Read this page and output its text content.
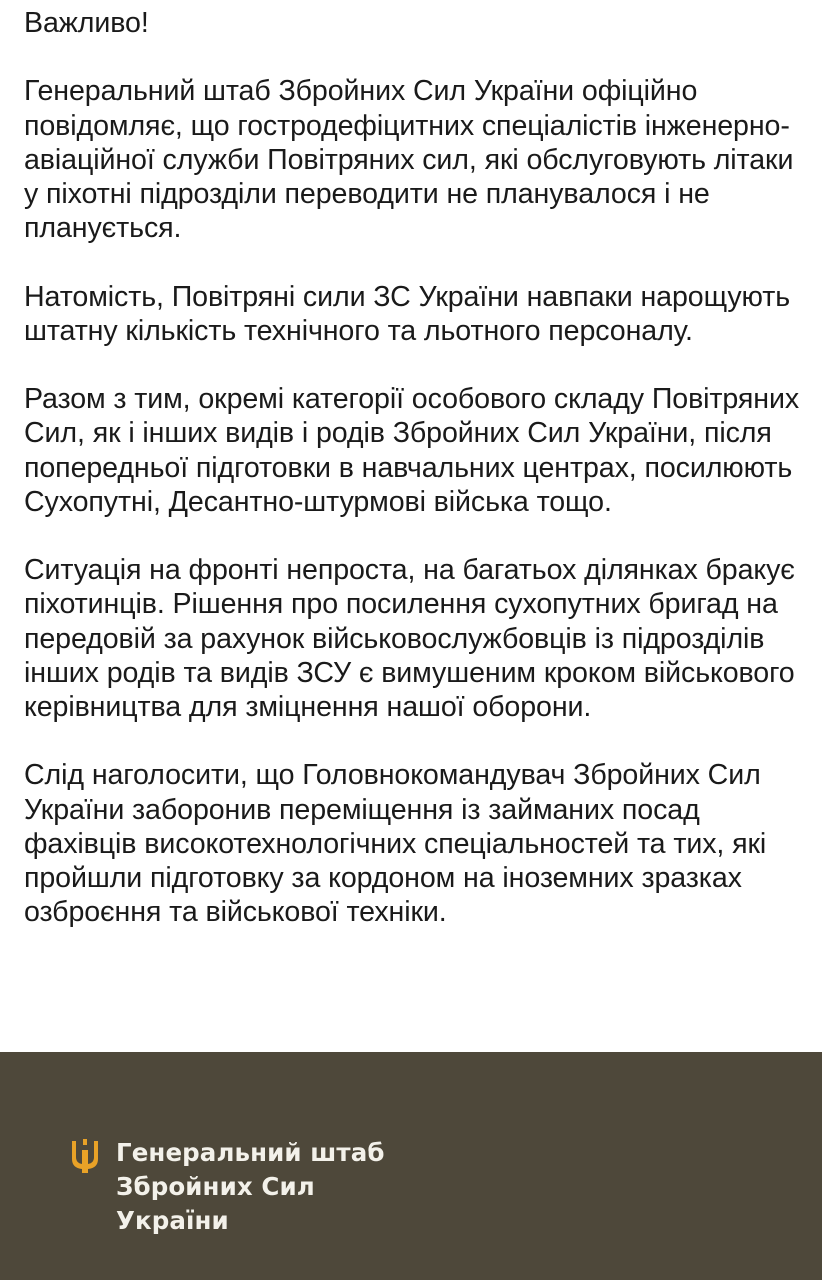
Важливо!

Генеральний штаб Збройних Сил України офіційно повідомляє, що гостродефіцитних спеціалістів інженерно-авіаційної служби Повітряних сил, які обслуговують літаки у піхотні підрозділи переводити не планувалося і не планується.

Натомість, Повітряні сили ЗС України навпаки нарощують штатну кількість технічного та льотного персоналу.

Разом з тим, окремі категорії особового складу Повітряних Сил, як і інших видів і родів Збройних Сил України, після попередньої підготовки в навчальних центрах, посилюють Сухопутні, Десантно-штурмові війська тощо.

Ситуація на фронті непроста, на багатьох ділянках бракує піхотинців. Рішення про посилення сухопутних бригад на передовій за рахунок військовослужбовців із підрозділів інших родів та видів ЗСУ є вимушеним кроком військового керівництва для зміцнення нашої оборони.

Слід наголосити, що Головнокомандувач Збройних Сил України заборонив переміщення із займаних посад фахівців високотехнологічних спеціальностей та тих, які пройшли підготовку за кордоном на іноземних зразках озброєння та військової техніки.

Генеральний штаб
Збройних Сил
України
